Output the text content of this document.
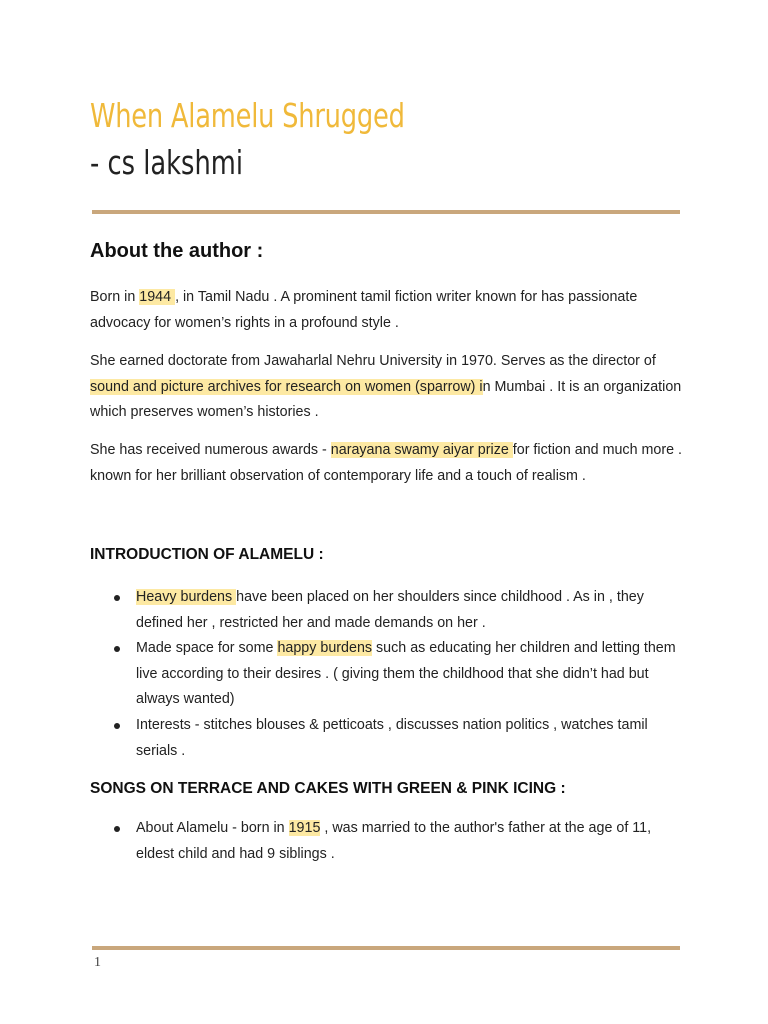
When Alamelu Shrugged
- cs lakshmi
About the author :

Born in 1944 , in Tamil Nadu . A prominent tamil fiction writer known for has passionate advocacy for women’s rights in a profound style .

She earned doctorate from Jawaharlal Nehru University in 1970. Serves as the director of sound and picture archives for research on women (sparrow) in Mumbai . It is an organization which preserves women’s histories .

She has received numerous awards - narayana swamy aiyar prize for fiction and much more . known for her brilliant observation of contemporary life and a touch of realism .

INTRODUCTION OF ALAMELU :
Heavy burdens have been placed on her shoulders since childhood . As in , they defined her , restricted her and made demands on her .
Made space for some happy burdens such as educating her children and letting them live according to their desires . ( giving them the childhood that she didn’t had but always wanted)
Interests - stitches blouses & petticoats , discusses nation politics , watches tamil serials .
SONGS ON TERRACE AND CAKES WITH GREEN & PINK ICING :
About Alamelu - born in 1915 , was married to the author's father at the age of 11, eldest child and had 9 siblings .
1
